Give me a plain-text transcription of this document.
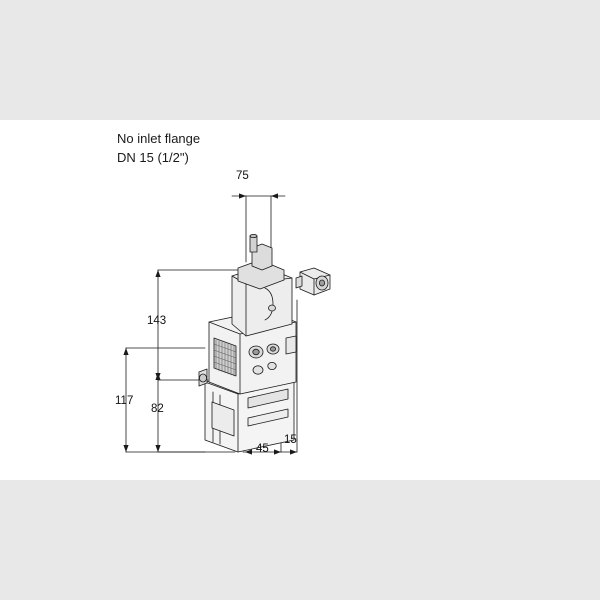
No inlet flange
DN 15 (1/2")
75
143
117
82
45
15
